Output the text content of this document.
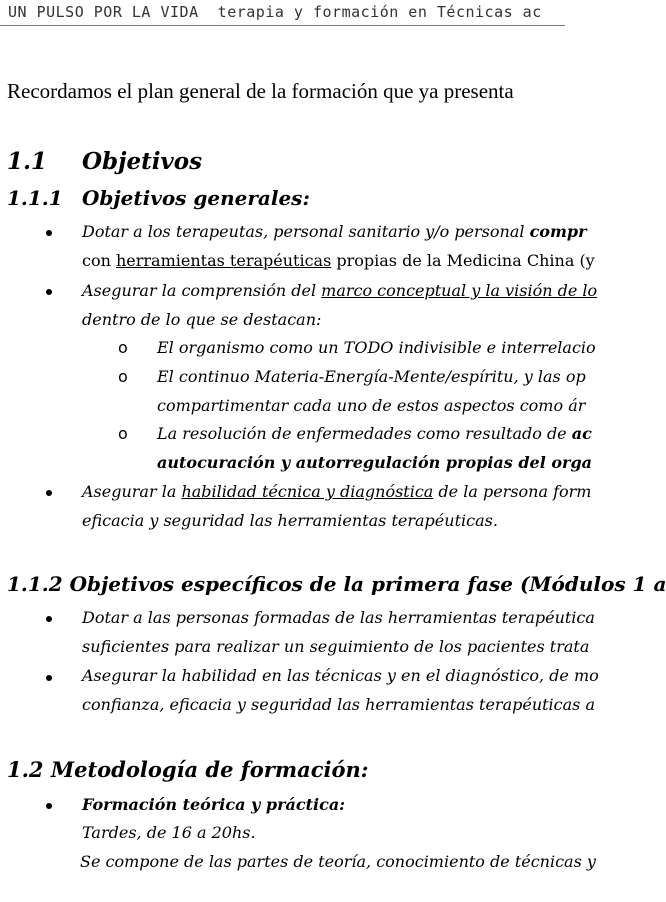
UN PULSO POR LA VIDA  terapia y formación en Técnicas ac
Recordamos el plan general de la formación que ya presenta
1.1 Objetivos
1.1.1 Objetivos generales:
Dotar a los terapeutas, personal sanitario y/o personal compr
con herramientas terapéuticas propias de la Medicina China (y
Asegurar la comprensión del marco conceptual y la visión de lo
dentro de lo que se destacan:
o El organismo como un TODO indivisible e interrelacio
o El continuo Materia-Energía-Mente/espíritu, y las op
compartimentar cada uno de estos aspectos como ár
o La resolución de enfermedades como resultado de ac
autocuración y autorregulación propias del orga
Asegurar la habilidad técnica y diagnóstica de la persona form
eficacia y seguridad las herramientas terapéuticas.
1.1.2 Objetivos específicos de la primera fase (Módulos 1 a
Dotar a las personas formadas de las herramientas terapéutica
suficientes para realizar un seguimiento de los pacientes trata
Asegurar la habilidad en las técnicas y en el diagnóstico, de mo
confianza, eficacia y seguridad las herramientas terapéuticas a
1.2 Metodología de formación:
Formación teórica y práctica:
Tardes, de 16 a 20hs.
Se compone de las partes de teoría, conocimiento de técnicas y
